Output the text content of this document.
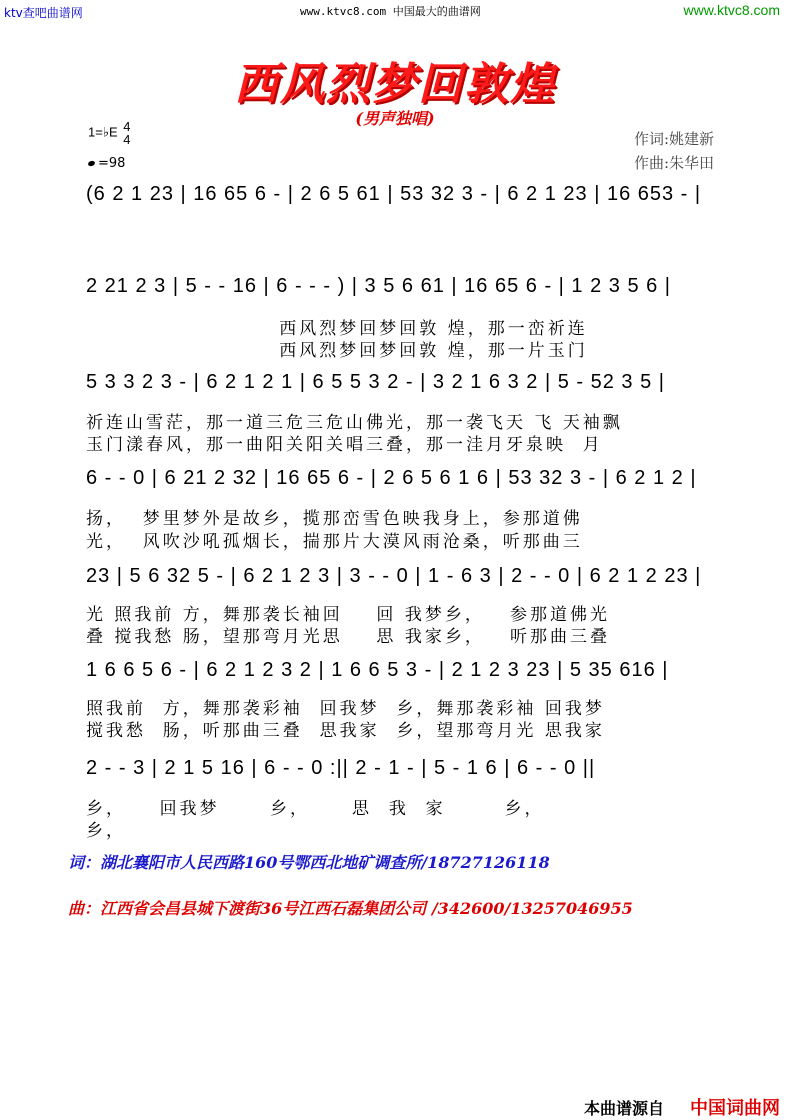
ktv查吧曲谱网	www.ktvc8.com 中国最大的曲谱网	www.ktvc8.com
西风烈梦回敦煌
(男声独唱)
1=♭E 4
4
=98
作词:姚建新
作曲:朱华田
(6 2 1 23 | 16 65 6 - | 2 6 5 61 | 53 32 3 - | 6 2 1 23 | 16 653 - |
2 21 2 3 | 5 - - 16 | 6 - - - ) | 3 5 6 61 | 16 65 6 - | 1 2 3 5 6 |
西风烈梦回梦回敦 煌，那一峦祈连
西风烈梦回梦回敦 煌，那一片玉门
5 3 3 2 3 - | 6 2 1 2 1 | 6 5 5 3 2 - | 3 2 1 6 3 2 | 5 - 52 3 5 |
祈连山雪茫，那一道三危三危山佛光，那一袭飞天 飞 天袖飘
玉门漾春风，那一曲阳关阳关唱三叠，那一洼月牙泉映  月
6 - - 0 | 6 21 2 32 | 16 65 6 - | 2 6 5 6 1 6 | 53 32 3 - | 6 2 1 2 |
扬，  梦里梦外是故乡，揽那峦雪色映我身上，参那道佛
光，  风吹沙吼孤烟长，揣那片大漠风雨沧桑，听那曲三
23 | 5 6 32 5 - | 6 2 1 2 3 | 3 - - 0 | 1 - 6 3 | 2 - - 0 | 6 2 1 2 23 |
光 照我前 方，舞那袭长袖回    回 我梦乡，   参那道佛光
叠 搅我愁 肠，望那弯月光思    思 我家乡，   听那曲三叠
1 6 6 5 6 - | 6 2 1 2 3 2 | 1 6 6 5 3 - | 2 1 2 3 23 | 5 35 616 |
照我前  方，舞那袭彩袖  回我梦  乡，舞那袭彩袖 回我梦
搅我愁  肠，听那曲三叠  思我家  乡，望那弯月光 思我家
2 - - 3 | 2 1 5 16 | 6 - - 0 :|| 2 - 1 - | 5 - 1 6 | 6 - - 0 ||
乡，    回我梦      乡，     思  我  家       乡，
乡，
词：湖北襄阳市人民西路160号鄂西北地矿调查所/18727126118
曲：江西省会昌县城下渡街36号江西石磊集团公司 /342600/13257046955
本曲谱源自 中国词曲网
